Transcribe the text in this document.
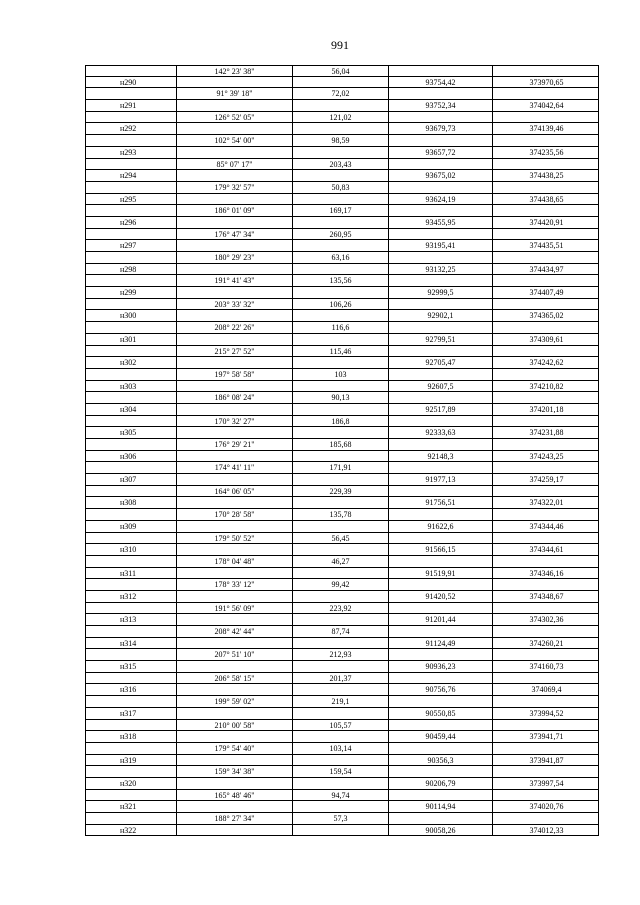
991
142° 23' 38"	56,04
н290	93754,42	373970,65
91° 39' 18"	72,02
н291	93752,34	374042,64
126° 52' 05"	121,02
н292	93679,73	374139,46
102° 54' 00"	98,59
н293	93657,72	374235,56
85° 07' 17"	203,43
н294	93675,02	374438,25
179° 32' 57"	50,83
н295	93624,19	374438,65
186° 01' 09"	169,17
н296	93455,95	374420,91
176° 47' 34"	260,95
н297	93195,41	374435,51
180° 29' 23"	63,16
н298	93132,25	374434,97
191° 41' 43"	135,56
н299	92999,5	374407,49
203° 33' 32"	106,26
н300	92902,1	374365,02
208° 22' 26"	116,6
н301	92799,51	374309,61
215° 27' 52"	115,46
н302	92705,47	374242,62
197° 58' 58"	103
н303	92607,5	374210,82
186° 08' 24"	90,13
н304	92517,89	374201,18
170° 32' 27"	186,8
н305	92333,63	374231,88
176° 29' 21"	185,68
н306	92148,3	374243,25
174° 41' 11"	171,91
н307	91977,13	374259,17
164° 06' 05"	229,39
н308	91756,51	374322,01
170° 28' 58"	135,78
н309	91622,6	374344,46
179° 50' 52"	56,45
н310	91566,15	374344,61
178° 04' 48"	46,27
н311	91519,91	374346,16
178° 33' 12"	99,42
н312	91420,52	374348,67
191° 56' 09"	223,92
н313	91201,44	374302,36
208° 42' 44"	87,74
н314	91124,49	374260,21
207° 51' 10"	212,93
н315	90936,23	374160,73
206° 58' 15"	201,37
н316	90756,76	374069,4
199° 59' 02"	219,1
н317	90550,85	373994,52
210° 00' 58"	105,57
н318	90459,44	373941,71
179° 54' 40"	103,14
н319	90356,3	373941,87
159° 34' 38"	159,54
н320	90206,79	373997,54
165° 48' 46"	94,74
н321	90114,94	374020,76
188° 27' 34"	57,3
н322	90058,26	374012,33
